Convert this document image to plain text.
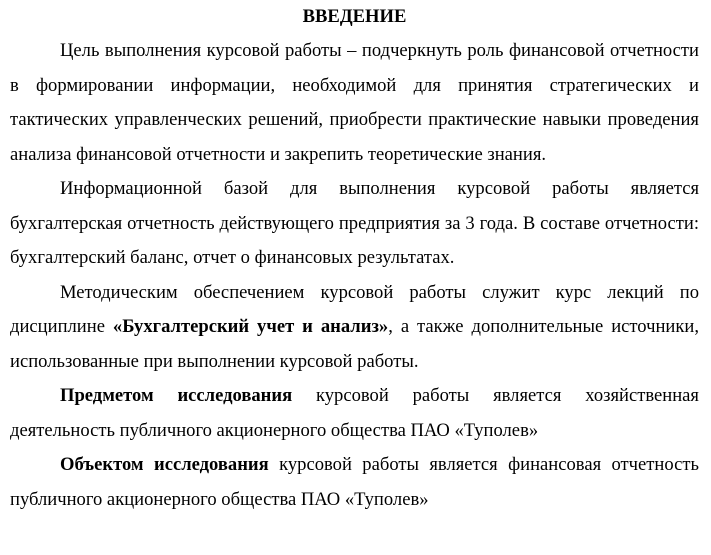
ВВЕДЕНИЕ

Цель выполнения курсовой работы – подчеркнуть роль финансовой отчетности в формировании информации, необходимой для принятия стратегических и тактических управленческих решений, приобрести практические навыки проведения анализа финансовой отчетности и закрепить теоретические знания.

Информационной базой для выполнения курсовой работы является бухгалтерская отчетность действующего предприятия за 3 года. В составе отчетности: бухгалтерский баланс, отчет о финансовых результатах.

Методическим обеспечением курсовой работы служит курс лекций по дисциплине «Бухгалтерский учет и анализ», а также дополнительные источники, использованные при выполнении курсовой работы.

Предметом исследования курсовой работы является хозяйственная деятельность публичного акционерного общества ПАО «Туполев»

Объектом исследования курсовой работы является финансовая отчетность публичного акционерного общества ПАО «Туполев»
